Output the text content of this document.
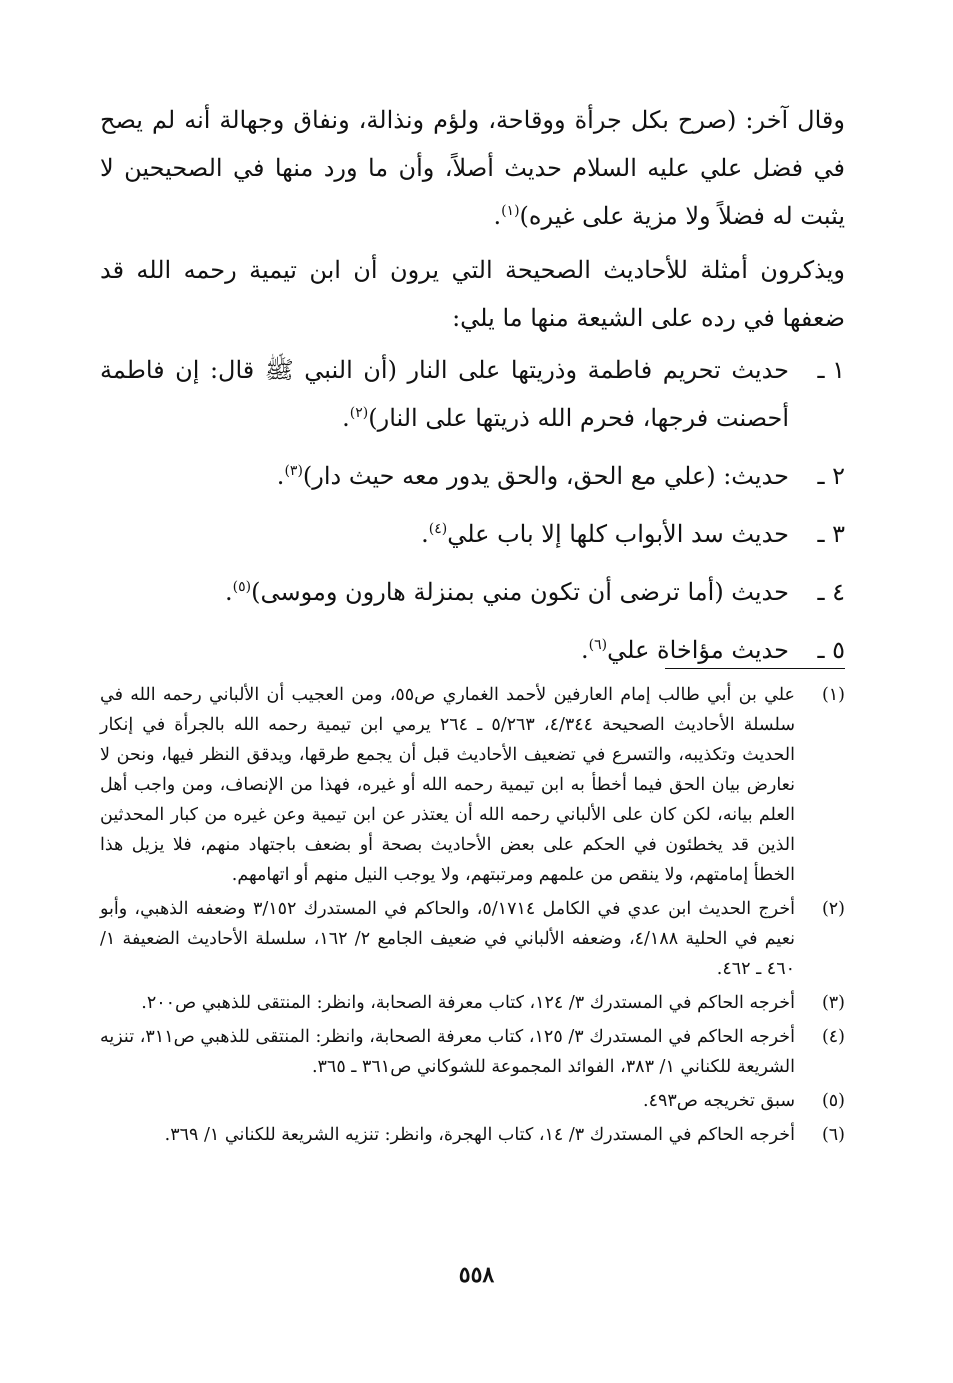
وقال آخر: (صرح بكل جرأة ووقاحة، ولؤم ونذالة، ونفاق وجهالة أنه لم يصح في فضل علي عليه السلام حديث أصلاً، وأن ما ورد منها في الصحيحين لا يثبت له فضلاً ولا مزية على غيره)$^{(١)}$.

ويذكرون أمثلة للأحاديث الصحيحة التي يرون أن ابن تيمية رحمه الله قد ضعفها في رده على الشيعة منها ما يلي:

١ ـ
حديث تحريم فاطمة وذريتها على النار (أن النبي ﷺ قال: إن فاطمة أحصنت فرجها، فحرم الله ذريتها على النار)$^{(٢)}$.
٢ ـ
حديث: (علي مع الحق، والحق يدور معه حيث دار)$^{(٣)}$.
٣ ـ
حديث سد الأبواب كلها إلا باب علي$^{(٤)}$.
٤ ـ
حديث (أما ترضى أن تكون مني بمنزلة هارون وموسى)$^{(٥)}$.
٥ ـ
حديث مؤاخاة علي$^{(٦)}$.
(١)
علي بن أبي طالب إمام العارفين لأحمد الغماري ص٥٥، ومن العجيب أن الألباني رحمه الله في سلسلة الأحاديث الصحيحة ٤/٣٤٤، ٥/٢٦٣ ـ ٢٦٤ يرمي ابن تيمية رحمه الله بالجرأة في إنكار الحديث وتكذيبه، والتسرع في تضعيف الأحاديث قبل أن يجمع طرقها، ويدقق النظر فيها، ونحن لا نعارض بيان الحق فيما أخطأ به ابن تيمية رحمه الله أو غيره، فهذا من الإنصاف، ومن واجب أهل العلم بيانه، لكن كان على الألباني رحمه الله أن يعتذر عن ابن تيمية وعن غيره من كبار المحدثين الذين قد يخطئون في الحكم على بعض الأحاديث بصحة أو بضعف باجتهاد منهم، فلا يزيل هذا الخطأ إمامتهم، ولا ينقص من علمهم ومرتبتهم، ولا يوجب النيل منهم أو اتهامهم.
(٢)
أخرج الحديث ابن عدي في الكامل ٥/١٧١٤، والحاكم في المستدرك ٣/١٥٢ وضعفه الذهبي، وأبو نعيم في الحلية ٤/١٨٨، وضعفه الألباني في ضعيف الجامع ٢/ ١٦٢، سلسلة الأحاديث الضعيفة ١/ ٤٦٠ ـ ٤٦٢.
(٣)
أخرجه الحاكم في المستدرك ٣/ ١٢٤، كتاب معرفة الصحابة، وانظر: المنتقى للذهبي ص٢٠٠.
(٤)
أخرجه الحاكم في المستدرك ٣/ ١٢٥، كتاب معرفة الصحابة، وانظر: المنتقى للذهبي ص٣١١، تنزيه الشريعة للكناني ١/ ٣٨٣، الفوائد المجموعة للشوكاني ص٣٦١ ـ ٣٦٥.
(٥)
سبق تخريجه ص٤٩٣.
(٦)
أخرجه الحاكم في المستدرك ٣/ ١٤، كتاب الهجرة، وانظر: تنزيه الشريعة للكناني ١/ ٣٦٩.
٥٥٨
